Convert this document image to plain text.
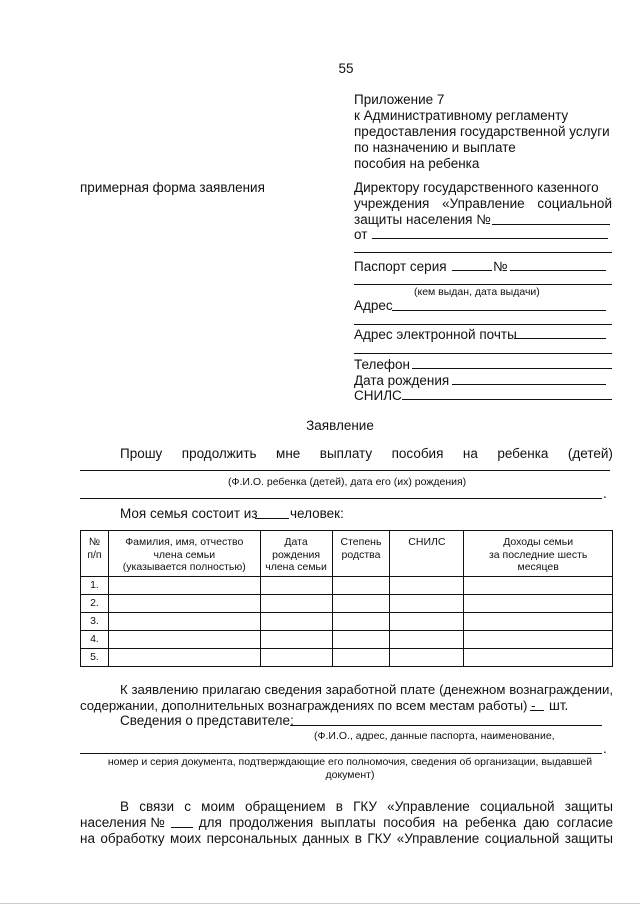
55
Приложение 7
к Административному регламенту
предоставления государственной услуги
по назначению и выплате
пособия на ребенка
примерная форма заявления	Директору государственного казенного
учреждения «Управление социальной
защиты населения №
от
Паспорт серия	№
(кем выдан, дата выдачи)
Адрес
Адрес электронной почты
Телефон
Дата рождения
СНИЛС
Заявление
Прошу продолжить мне выплату пособия на ребенка (детей)
(Ф.И.О. ребенка (детей), дата его (их) рождения)
.
Моя семья состоит из человек:
№
п/п	Фамилия, имя, отчество
члена семьи
(указывается полностью)	Дата
рождения
члена семьи	Степень
родства	СНИЛС	Доходы семьи
за последние шесть
месяцев
1.					
2.					
3.					
4.					
5.					
К заявлению прилагаю сведения заработной плате (денежном вознаграждении,
содержании, дополнительных вознаграждениях по всем местам работы) - шт.
Сведения о представителе:
(Ф.И.О., адрес, данные паспорта, наименование,
.
номер и серия документа, подтверждающие его полномочия, сведения об организации, выдавшей
документ)
В связи с моим обращением в ГКУ «Управление социальной защиты
населения №	для продолжения выплаты пособия на ребенка даю согласие
на обработку моих персональных данных в ГКУ «Управление социальной защиты
